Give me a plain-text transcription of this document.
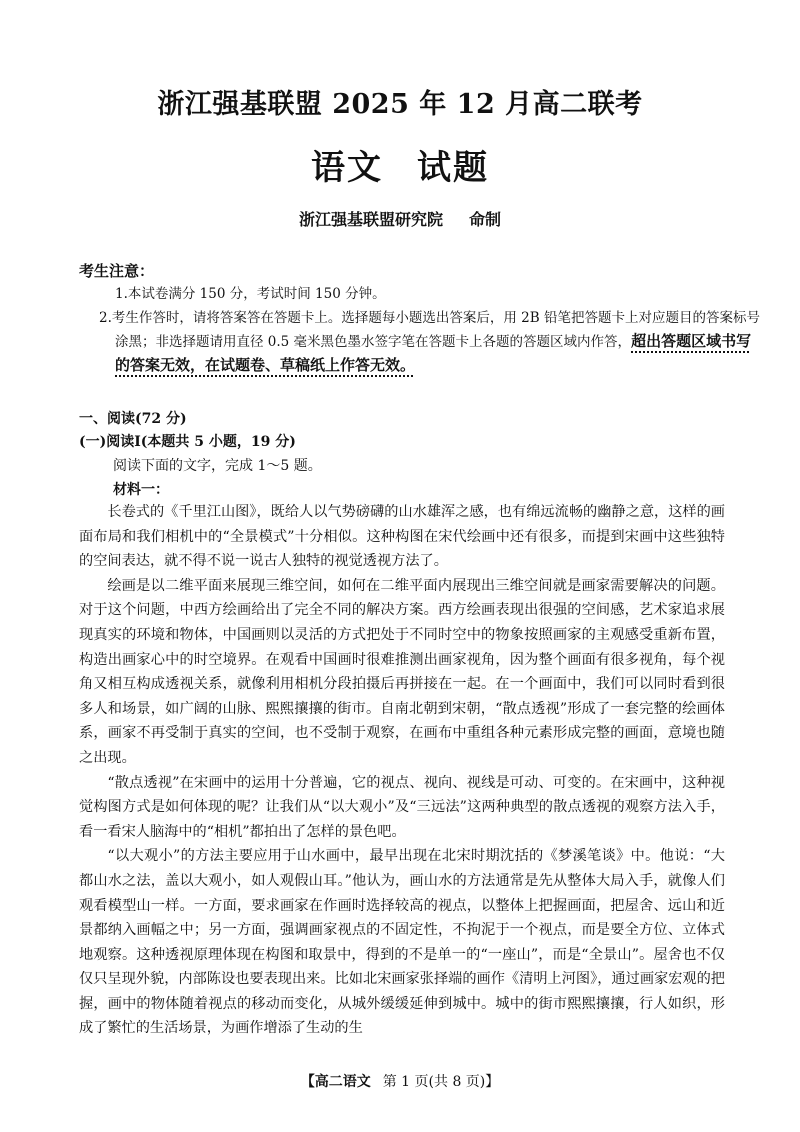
浙江强基联盟 2025 年 12 月高二联考
语文 试题
浙江强基联盟研究院 命制
考生注意：
1.本试卷满分 150 分，考试时间 150 分钟。
2.考生作答时，请将答案答在答题卡上。选择题每小题选出答案后，用 2B 铅笔把答题卡上对应题目的答案标号涂黑；非选择题请用直径 0.5 毫米黑色墨水签字笔在答题卡上各题的答题区域内作答，超出答题区域书写的答案无效，在试题卷、草稿纸上作答无效。
一、阅读(72 分)
(一)阅读Ⅰ(本题共 5 小题，19 分)
阅读下面的文字，完成 1～5 题。
材料一：

长卷式的《千里江山图》，既给人以气势磅礴的山水雄浑之感，也有绵远流畅的幽静之意，这样的画面布局和我们相机中的“全景模式”十分相似。这种构图在宋代绘画中还有很多，而提到宋画中这些独特的空间表达，就不得不说一说古人独特的视觉透视方法了。

绘画是以二维平面来展现三维空间，如何在二维平面内展现出三维空间就是画家需要解决的问题。对于这个问题，中西方绘画给出了完全不同的解决方案。西方绘画表现出很强的空间感，艺术家追求展现真实的环境和物体，中国画则以灵活的方式把处于不同时空中的物象按照画家的主观感受重新布置，构造出画家心中的时空境界。在观看中国画时很难推测出画家视角，因为整个画面有很多视角，每个视角又相互构成透视关系，就像利用相机分段拍摄后再拼接在一起。在一个画面中，我们可以同时看到很多人和场景，如广阔的山脉、熙熙攘攘的街市。自南北朝到宋朝，“散点透视”形成了一套完整的绘画体系，画家不再受制于真实的空间，也不受制于观察，在画布中重组各种元素形成完整的画面，意境也随之出现。

“散点透视”在宋画中的运用十分普遍，它的视点、视向、视线是可动、可变的。在宋画中，这种视觉构图方式是如何体现的呢？让我们从“以大观小”及“三远法”这两种典型的散点透视的观察方法入手，看一看宋人脑海中的“相机”都拍出了怎样的景色吧。

“以大观小”的方法主要应用于山水画中，最早出现在北宋时期沈括的《梦溪笔谈》中。他说：“大都山水之法，盖以大观小，如人观假山耳。”他认为，画山水的方法通常是先从整体大局入手，就像人们观看模型山一样。一方面，要求画家在作画时选择较高的视点，以整体上把握画面，把屋舍、远山和近景都纳入画幅之中；另一方面，强调画家视点的不固定性，不拘泥于一个视点，而是要全方位、立体式地观察。这种透视原理体现在构图和取景中，得到的不是单一的“一座山”，而是“全景山”。屋舍也不仅仅只呈现外貌，内部陈设也要表现出来。比如北宋画家张择端的画作《清明上河图》，通过画家宏观的把握，画中的物体随着视点的移动而变化，从城外缓缓延伸到城中。城中的街市熙熙攘攘，行人如织，形成了繁忙的生活场景，为画作增添了生动的生

【高二语文 第 1 页(共 8 页)】
